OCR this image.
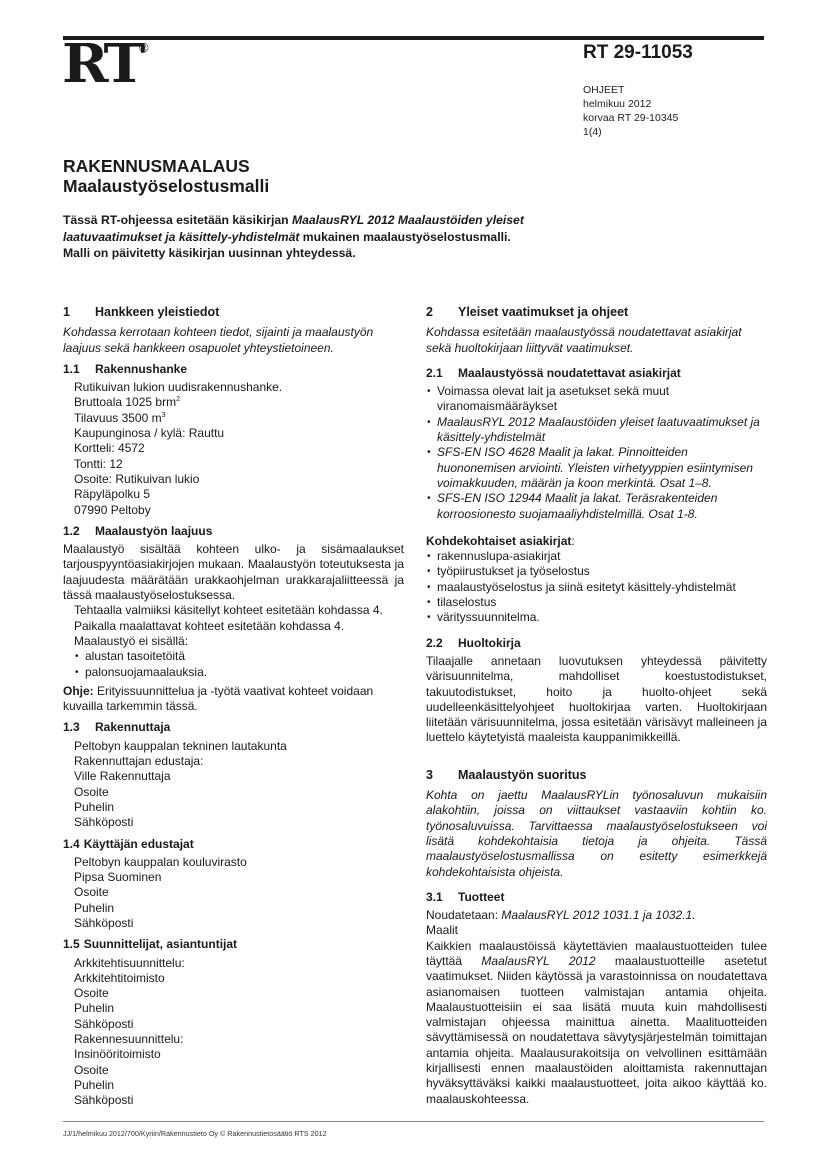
RT
®	RT 29-11053
OHJEET
helmikuu 2012
korvaa RT 29-10345
1(4)
RAKENNUSMAALAUS
Maalaustyöselostusmalli
Tässä RT-ohjeessa esitetään käsikirjan MaalausRYL 2012 Maalaustöiden yleiset laatuvaatimukset ja käsittely-yhdistelmät mukainen maalaustyöselostusmalli.
Malli on päivitetty käsikirjan uusinnan yhteydessä.
1	Hankkeen yleistiedot
Kohdassa kerrotaan kohteen tiedot, sijainti ja maalaustyön laajuus sekä hankkeen osapuolet yhteystietoineen.
1.1	Rakennushanke
Rutikuivan lukion uudisrakennushanke.
Bruttoala 1025 brm$^2$
Tilavuus 3500 $m^3$
Kaupunginosa / kylä: Rauttu
Kortteli: 4572
Tontti: 12
Osoite: Rutikuivan lukio
Räpyläpolku 5
07990 Peltoby
1.2	Maalaustyön laajuus
Maalaustyö sisältää kohteen ulko- ja sisämaalaukset tarjouspyyntöasiakirjojen mukaan. Maalaustyön toteutuksesta ja laajuudesta määrätään urakkaohjelman urakkarajaliitteessä ja tässä maalaustyöselostuksessa.
Tehtaalla valmiiksi käsitellyt kohteet esitetään kohdassa 4.
Paikalla maalattavat kohteet esitetään kohdassa 4.
Maalaustyö ei sisällä:
• alustan tasoitetöitä
• palonsuojamaalauksia.
Ohje: Erityissuunnittelua ja -työtä vaativat kohteet voidaan kuvailla tarkemmin tässä.
1.3	Rakennuttaja
Peltobyn kauppalan tekninen lautakunta
Rakennuttajan edustaja:
Ville Rakennuttaja
Osoite
Puhelin
Sähköposti
1.4 Käyttäjän edustajat
Peltobyn kauppalan kouluvirasto
Pipsa Suominen
Osoite
Puhelin
Sähköposti
1.5 Suunnittelijat, asiantuntijat
Arkkitehtisuunnittelu:
Arkkitehtitoimisto
Osoite
Puhelin
Sähköposti
Rakennesuunnittelu:
Insinööritoimisto
Osoite
Puhelin
Sähköposti
2	Yleiset vaatimukset ja ohjeet
Kohdassa esitetään maalaustyössä noudatettavat asiakirjat sekä huoltokirjaan liittyvät vaatimukset.
2.1	Maalaustyössä noudatettavat asiakirjat
• Voimassa olevat lait ja asetukset sekä muut viranomaismääräykset
• MaalausRYL 2012 Maalaustöiden yleiset laatuvaatimukset ja käsittely-yhdistelmät
• SFS-EN ISO 4628 Maalit ja lakat. Pinnoitteiden huononemisen arviointi. Yleisten virhetyyppien esiintymisen voimakkuuden, määrän ja koon merkintä. Osat 1–8.
• SFS-EN ISO 12944 Maalit ja lakat. Teräsrakenteiden korroosionesto suojamaaliyhdistelmillä. Osat 1-8.
Kohdekohtaiset asiakirjat:
• rakennuslupa-asiakirjat
• työpiirustukset ja työselostus
• maalaustyöselostus ja siinä esitetyt käsittely-yhdistelmät
• tilaselostus
• värityssuunnitelma.
2.2	Huoltokirja
Tilaajalle annetaan luovutuksen yhteydessä päivitetty värisuunnitelma, mahdolliset koestustodistukset, takuutodistukset, hoito ja huolto-ohjeet sekä uudelleenkäsittelyohjeet huoltokirjaa varten. Huoltokirjaan liitetään värisuunnitelma, jossa esitetään värisävyt malleineen ja luettelo käytetyistä maaleista kauppanimikkeillä.
3	Maalaustyön suoritus
Kohta on jaettu MaalausRYLin työnosaluvun mukaisiin alakohtiin, joissa on viittaukset vastaaviin kohtiin ko. työnosaluvuissa. Tarvittaessa maalaustyöselostukseen voi lisätä kohdekohtaisia tietoja ja ohjeita. Tässä maalaustyöselostusmallissa on esitetty esimerkkejä kohdekohtaisista ohjeista.
3.1	Tuotteet
Noudatetaan: MaalausRYL 2012 1031.1 ja 1032.1.
Maalit
Kaikkien maalaustöissä käytettävien maalaustuotteiden tulee täyttää MaalausRYL 2012 maalaustuotteille asetetut vaatimukset. Niiden käytössä ja varastoinnissa on noudatettava asianomaisen tuotteen valmistajan antamia ohjeita. Maalaustuotteisiin ei saa lisätä muuta kuin mahdollisesti valmistajan ohjeessa mainittua ainetta. Maalituotteiden sävyttämisessä on noudatettava sävytysjärjestelmän toimittajan antamia ohjeita. Maalausurakoitsija on velvollinen esittämään kirjallisesti ennen maalaustöiden aloittamista rakennuttajan hyväksyttäväksi kaikki maalaustuotteet, joita aikoo käyttää ko. maalauskohteessa.
JJ/1/helmikuu 2012/700/Kyriiri/Rakennustieto Oy © Rakennustietosäätiö RTS 2012
